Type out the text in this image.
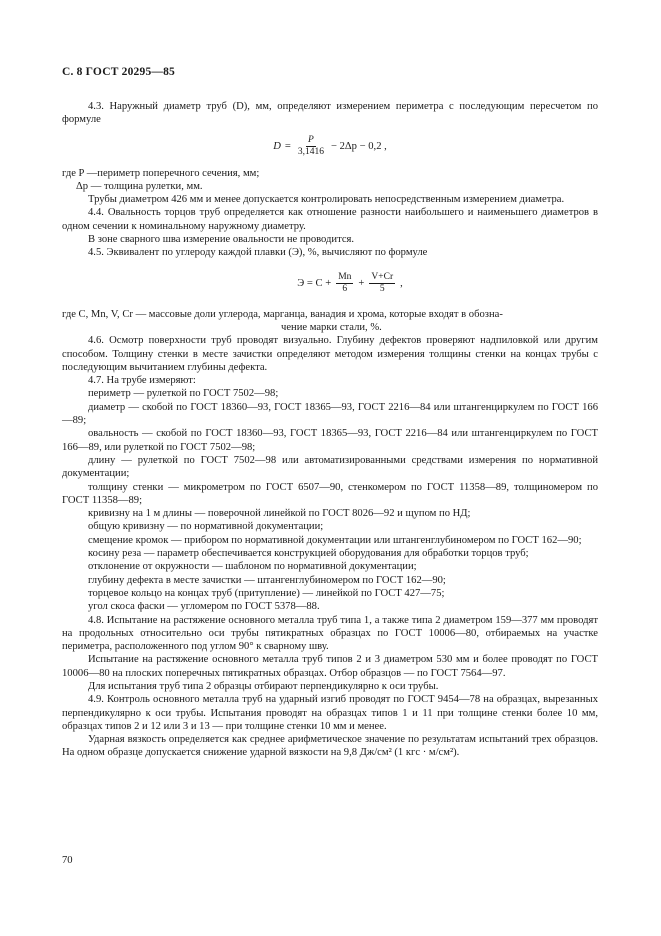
С. 8 ГОСТ 20295—85

4.3. Наружный диаметр труб (D), мм, определяют измерением периметра с последующим пересчетом по формуле

$D = \frac{P}{3,1416} - 2\Delta p - 0,2$ ,

где P —периметр поперечного сечения, мм;

Δp — толщина рулетки, мм.

Трубы диаметром 426 мм и менее допускается контролировать непосредственным измерением диаметра.

4.4. Овальность торцов труб определяется как отношение разности наибольшего и наименьшего диаметров в одном сечении к номинальному наружному диаметру.

В зоне сварного шва измерение овальности не проводится.

4.5. Эквивалент по углероду каждой плавки (Э), %, вычисляют по формуле

$Э = С + \frac{Mn}{6} + \frac{V+Cr}{5}$ ,

где C, Mn, V, Cr — массовые доли углерода, марганца, ванадия и хрома, которые входят в обозна-

чение марки стали, %.

4.6. Осмотр поверхности труб проводят визуально. Глубину дефектов проверяют надпиловкой или другим способом. Толщину стенки в месте зачистки определяют методом измерения толщины стенки на концах трубы с последующим вычитанием глубины дефекта.

4.7. На трубе измеряют:

периметр — рулеткой по ГОСТ 7502—98;

диаметр — скобой по ГОСТ 18360—93, ГОСТ 18365—93, ГОСТ 2216—84 или штангенциркулем по ГОСТ 166—89;

овальность — скобой по ГОСТ 18360—93, ГОСТ 18365—93, ГОСТ 2216—84 или штангенциркулем по ГОСТ 166—89, или рулеткой по ГОСТ 7502—98;

длину — рулеткой по ГОСТ 7502—98 или автоматизированными средствами измерения по нормативной документации;

толщину стенки — микрометром по ГОСТ 6507—90, стенкомером по ГОСТ 11358—89, толщиномером по ГОСТ 11358—89;

кривизну на 1 м длины — поверочной линейкой по ГОСТ 8026—92 и щупом по НД;

общую кривизну — по нормативной документации;

смещение кромок — прибором по нормативной документации или штангенглубиномером по ГОСТ 162—90;

косину реза — параметр обеспечивается конструкцией оборудования для обработки торцов труб;

отклонение от окружности — шаблоном по нормативной документации;

глубину дефекта в месте зачистки — штангенглубиномером по ГОСТ 162—90;

торцевое кольцо на концах труб (притупление) — линейкой по ГОСТ 427—75;

угол скоса фаски — угломером по ГОСТ 5378—88.

4.8. Испытание на растяжение основного металла труб типа 1, а также типа 2 диаметром 159—377 мм проводят на продольных относительно оси трубы пятикратных образцах по ГОСТ 10006—80, отбираемых на участке периметра, расположенного под углом 90° к сварному шву.

Испытание на растяжение основного металла труб типов 2 и 3 диаметром 530 мм и более проводят по ГОСТ 10006—80 на плоских поперечных пятикратных образцах. Отбор образцов — по ГОСТ 7564—97.

Для испытания труб типа 2 образцы отбирают перпендикулярно к оси трубы.

4.9. Контроль основного металла труб на ударный изгиб проводят по ГОСТ 9454—78 на образцах, вырезанных перпендикулярно к оси трубы. Испытания проводят на образцах типов 1 и 11 при толщине стенки более 10 мм, образцах типов 2 и 12 или 3 и 13 — при толщине стенки 10 мм и менее.

Ударная вязкость определяется как среднее арифметическое значение по результатам испытаний трех образцов. На одном образце допускается снижение ударной вязкости на 9,8 Дж/см² (1 кгс · м/см²).

70
